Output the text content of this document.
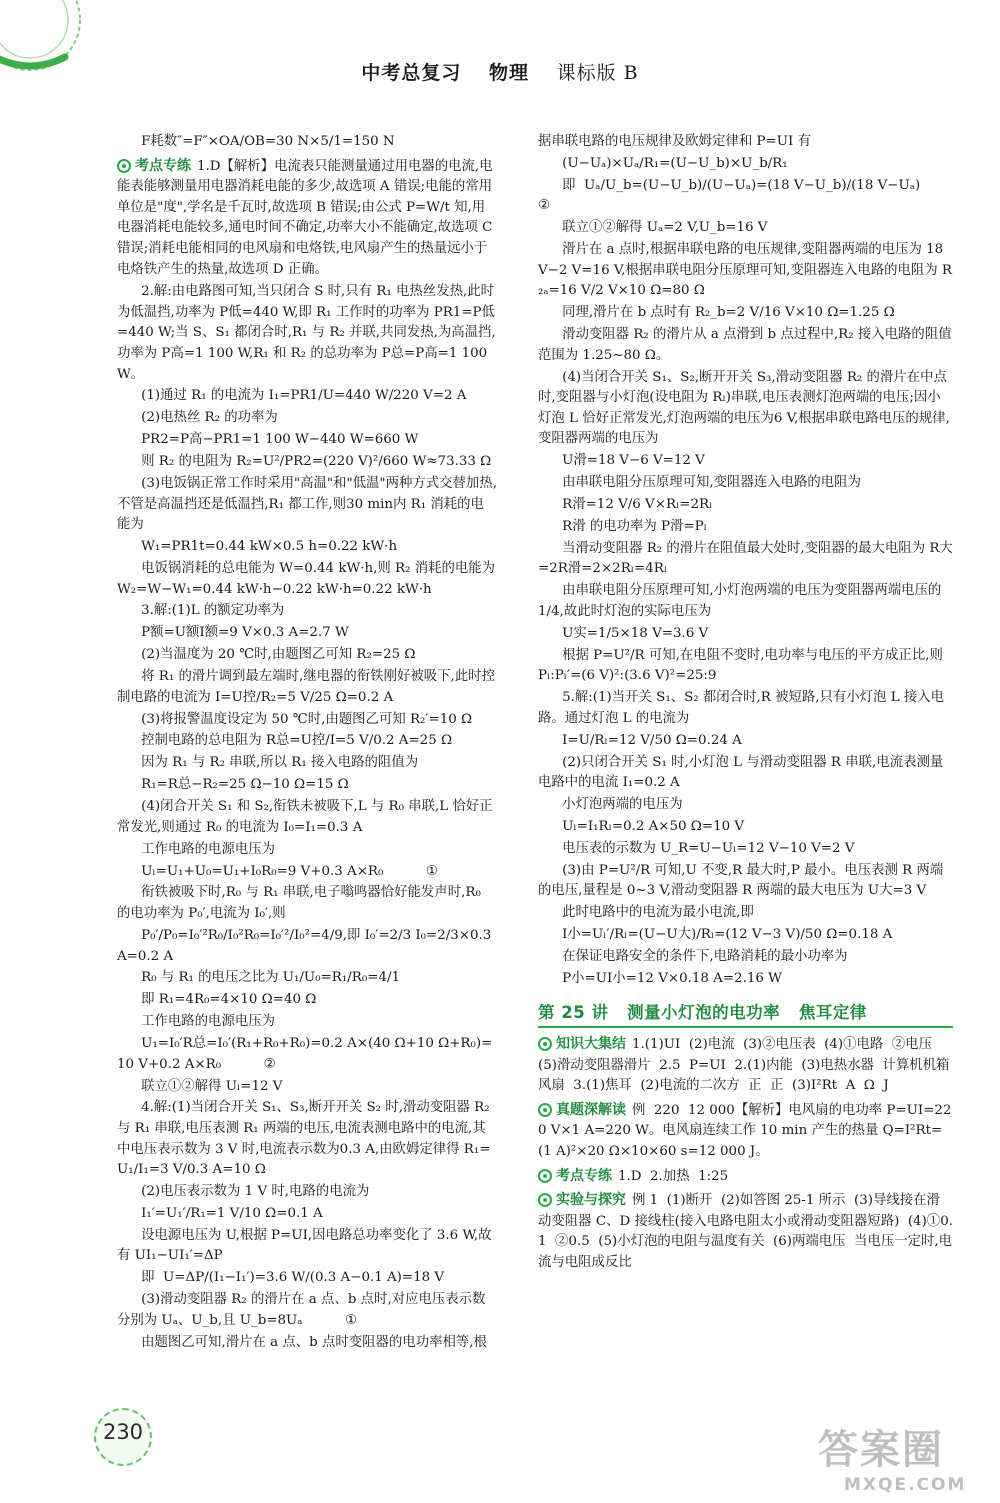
中考总复习 物理 课标版 B

F耗数″=F″×OA/OB=30 N×5/1=150 N

考点专练 1.D【解析】电流表只能测量通过用电器的电流,电能表能够测量用电器消耗电能的多少,故选项 A 错误;电能的常用单位是"度",学名是千瓦时,故选项 B 错误;由公式 P=W/t 知,用电器消耗电能较多,通电时间不确定,功率大小不能确定,故选项 C 错误;消耗电能相同的电风扇和电烙铁,电风扇产生的热量远小于电烙铁产生的热量,故选项 D 正确。

2.解:由电路图可知,当只闭合 S 时,只有 R₁ 电热丝发热,此时为低温挡,功率为 P低=440 W,即 R₁ 工作时的功率为 PR1=P低=440 W;当 S、S₁ 都闭合时,R₁ 与 R₂ 并联,共同发热,为高温挡,功率为 P高=1 100 W,R₁ 和 R₂ 的总功率为 P总=P高=1 100 W。

(1)通过 R₁ 的电流为 I₁=PR1/U=440 W/220 V=2 A

(2)电热丝 R₂ 的功率为

PR2=P高−PR1=1 100 W−440 W=660 W

则 R₂ 的电阻为 R₂=U²/PR2=(220 V)²/660 W≈73.33 Ω

(3)电饭锅正常工作时采用"高温"和"低温"两种方式交替加热,不管是高温挡还是低温挡,R₁ 都工作,则30 min内 R₁ 消耗的电能为

W₁=PR1t=0.44 kW×0.5 h=0.22 kW·h

电饭锅消耗的总电能为 W=0.44 kW·h,则 R₂ 消耗的电能为 W₂=W−W₁=0.44 kW·h−0.22 kW·h=0.22 kW·h

3.解:(1)L 的额定功率为

P额=U额I额=9 V×0.3 A=2.7 W

(2)当温度为 20 ℃时,由题图乙可知 R₂=25 Ω

将 R₁ 的滑片调到最左端时,继电器的衔铁刚好被吸下,此时控制电路的电流为 I=U控/R₂=5 V/25 Ω=0.2 A

(3)将报警温度设定为 50 ℃时,由题图乙可知 R₂′=10 Ω

控制电路的总电阻为 R总=U控/I=5 V/0.2 A=25 Ω

因为 R₁ 与 R₂ 串联,所以 R₁ 接入电路的阻值为

R₁=R总−R₂=25 Ω−10 Ω=15 Ω

(4)闭合开关 S₁ 和 S₂,衔铁未被吸下,L 与 R₀ 串联,L 恰好正常发光,则通过 R₀ 的电流为 I₀=I₁=0.3 A

工作电路的电源电压为

Uₗ=U₁+U₀=U₁+I₀R₀=9 V+0.3 A×R₀          ①

衔铁被吸下时,R₀ 与 R₁ 串联,电子嗡鸣器恰好能发声时,R₀ 的电功率为 P₀′,电流为 I₀′,则

P₀′/P₀=I₀′²R₀/I₀²R₀=I₀′²/I₀²=4/9,即 I₀′=2/3 I₀=2/3×0.3 A=0.2 A

R₀ 与 R₁ 的电压之比为 U₁/U₀=R₁/R₀=4/1

即 R₁=4R₀=4×10 Ω=40 Ω

工作电路的电源电压为

U₁=I₀′R总=I₀′(R₁+R₀+R₀)=0.2 A×(40 Ω+10 Ω+R₀)=10 V+0.2 A×R₀          ②

联立①②解得 Uₗ=12 V

4.解:(1)当闭合开关 S₁、S₃,断开开关 S₂ 时,滑动变阻器 R₂ 与 R₁ 串联,电压表测 R₁ 两端的电压,电流表测电路中的电流,其中电压表示数为 3 V 时,电流表示数为0.3 A,由欧姆定律得 R₁=U₁/I₁=3 V/0.3 A=10 Ω

(2)电压表示数为 1 V 时,电路的电流为

I₁′=U₁′/R₁=1 V/10 Ω=0.1 A

设电源电压为 U,根据 P=UI,因电路总功率变化了 3.6 W,故有 UI₁−UI₁′=ΔP

即  U=ΔP/(I₁−I₁′)=3.6 W/(0.3 A−0.1 A)=18 V

(3)滑动变阻器 R₂ 的滑片在 a 点、b 点时,对应电压表示数分别为 Uₐ、U_b,且 U_b=8Uₐ          ①

由题图乙可知,滑片在 a 点、b 点时变阻器的电功率相等,根

据串联电路的电压规律及欧姆定律和 P=UI 有

(U−Uₐ)×Uₐ/R₁=(U−U_b)×U_b/R₁

即  Uₐ/U_b=(U−U_b)/(U−Uₐ)=(18 V−U_b)/(18 V−Uₐ)          ②

联立①②解得 Uₐ=2 V,U_b=16 V

滑片在 a 点时,根据串联电路的电压规律,变阻器两端的电压为 18 V−2 V=16 V,根据串联电阻分压原理可知,变阻器连入电路的电阻为 R₂ₐ=16 V/2 V×10 Ω=80 Ω

同理,滑片在 b 点时有 R₂_b=2 V/16 V×10 Ω=1.25 Ω

滑动变阻器 R₂ 的滑片从 a 点滑到 b 点过程中,R₂ 接入电路的阻值范围为 1.25~80 Ω。

(4)当闭合开关 S₁、S₂,断开开关 S₃,滑动变阻器 R₂ 的滑片在中点时,变阻器与小灯泡(设电阻为 Rₗ)串联,电压表测灯泡两端的电压;因小灯泡 L 恰好正常发光,灯泡两端的电压为6 V,根据串联电路电压的规律,变阻器两端的电压为

U滑=18 V−6 V=12 V

由串联电阻分压原理可知,变阻器连入电路的电阻为

R滑=12 V/6 V×Rₗ=2Rₗ

R滑 的电功率为 P滑=Pₗ

当滑动变阻器 R₂ 的滑片在阻值最大处时,变阻器的最大电阻为 R大=2R滑=2×2Rₗ=4Rₗ

由串联电阻分压原理可知,小灯泡两端的电压为变阻器两端电压的 1/4,故此时灯泡的实际电压为

U实=1/5×18 V=3.6 V

根据 P=U²/R 可知,在电阻不变时,电功率与电压的平方成正比,则 Pₗ:Pₗ′=(6 V)²:(3.6 V)²=25:9

5.解:(1)当开关 S₁、S₂ 都闭合时,R 被短路,只有小灯泡 L 接入电路。通过灯泡 L 的电流为

I=U/Rₗ=12 V/50 Ω=0.24 A

(2)只闭合开关 S₁ 时,小灯泡 L 与滑动变阻器 R 串联,电流表测量电路中的电流 I₁=0.2 A

小灯泡两端的电压为

Uₗ=I₁Rₗ=0.2 A×50 Ω=10 V

电压表的示数为 U_R=U−Uₗ=12 V−10 V=2 V

(3)由 P=U²/R 可知,U 不变,R 最大时,P 最小。电压表测 R 两端的电压,量程是 0~3 V,滑动变阻器 R 两端的最大电压为 U大=3 V

此时电路中的电流为最小电流,即

I小=Uₗ′/Rₗ=(U−U大)/Rₗ=(12 V−3 V)/50 Ω=0.18 A

在保证电路安全的条件下,电路消耗的最小功率为

P小=UI小=12 V×0.18 A=2.16 W

第 25 讲   测量小灯泡的电功率   焦耳定律

知识大集结 1.(1)UI  (2)电流  (3)②电压表  (4)①电路  ②电压  (5)滑动变阻器滑片  2.5  P=UI  2.(1)内能  (3)电热水器  计算机机箱风扇  3.(1)焦耳  (2)电流的二次方  正  正  (3)I²Rt  A  Ω  J

真题深解读 例  220  12 000【解析】电风扇的电功率 P=UI=220 V×1 A=220 W。电风扇连续工作 10 min 产生的热量 Q=I²Rt=(1 A)²×20 Ω×10×60 s=12 000 J。

考点专练 1.D  2.加热  1:25

实验与探究 例 1  (1)断开  (2)如答图 25-1 所示  (3)导线接在滑动变阻器 C、D 接线柱(接入电路电阻太小或滑动变阻器短路)  (4)①0.1  ②0.5  (5)小灯泡的电阻与温度有关  (6)两端电压  当电压一定时,电流与电阻成反比

230	答案圈
MXQE.COM
